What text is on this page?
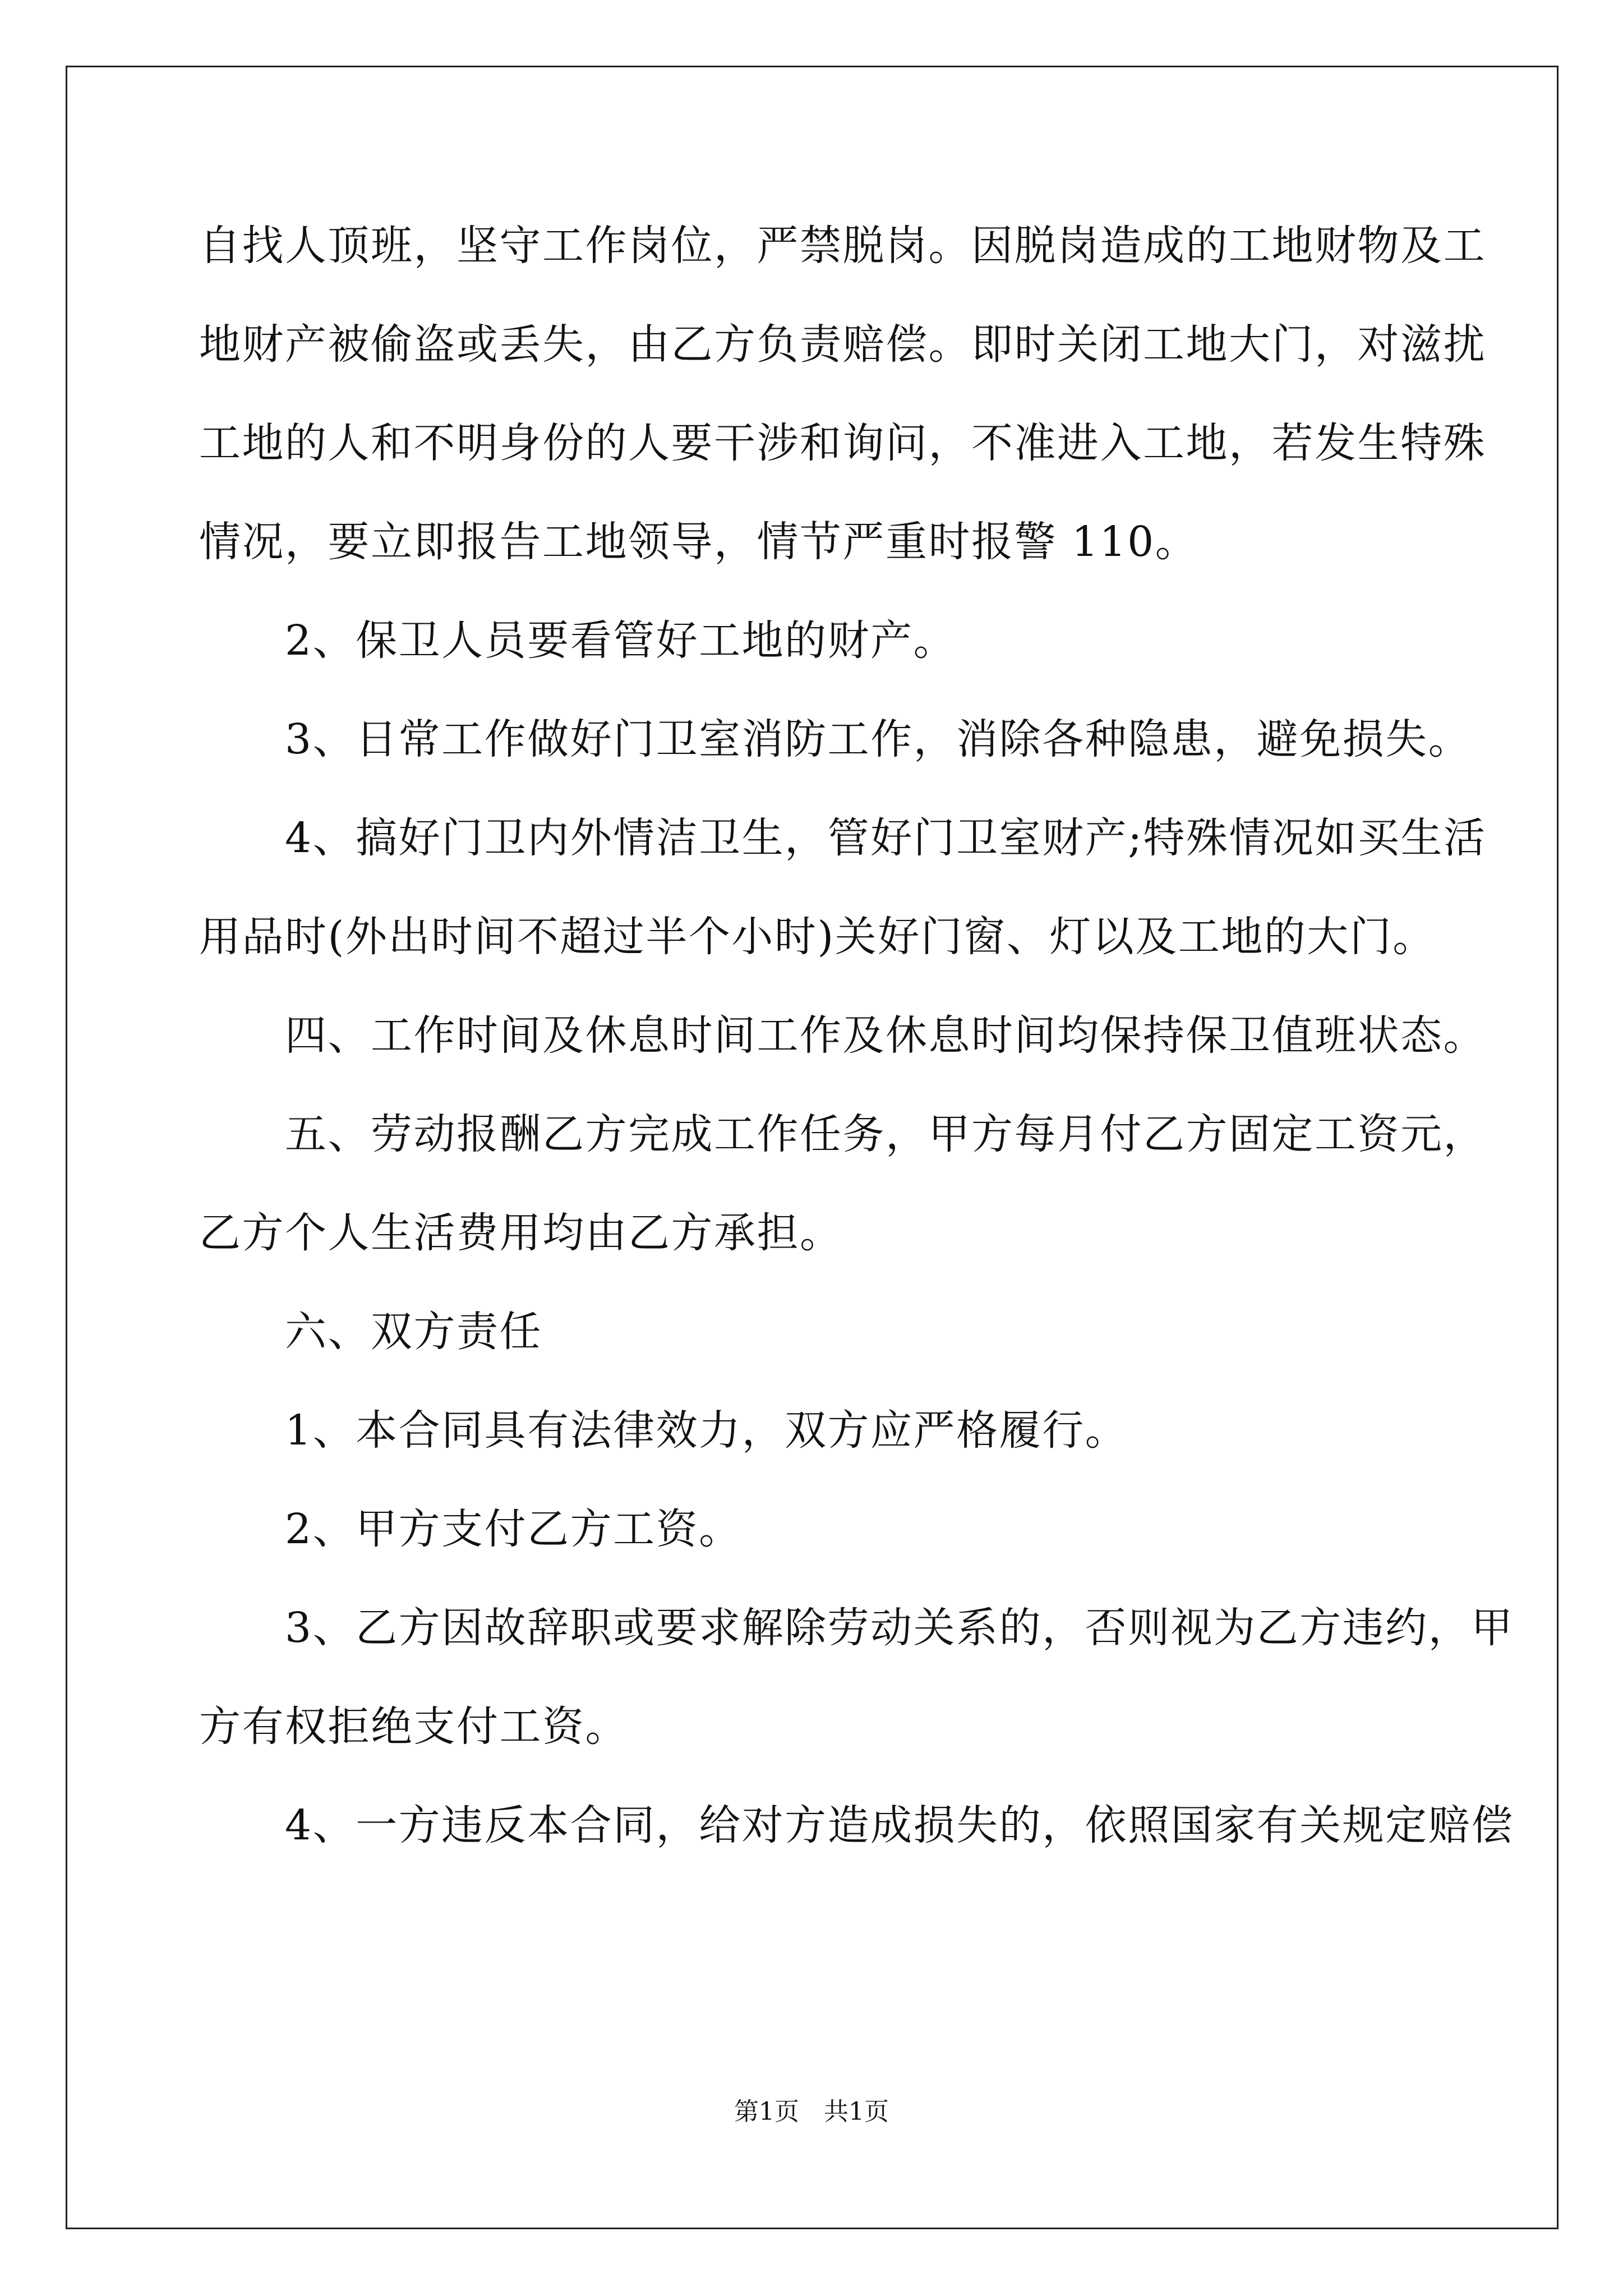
自找人顶班，坚守工作岗位，严禁脱岗。因脱岗造成的工地财物及工
地财产被偷盗或丢失，由乙方负责赔偿。即时关闭工地大门，对滋扰
工地的人和不明身份的人要干涉和询问，不准进入工地，若发生特殊
情况，要立即报告工地领导，情节严重时报警 110。
　　2、保卫人员要看管好工地的财产。
　　3、日常工作做好门卫室消防工作，消除各种隐患，避免损失。
　　4、搞好门卫内外情洁卫生，管好门卫室财产;特殊情况如买生活
用品时(外出时间不超过半个小时)关好门窗、灯以及工地的大门。
　　四、工作时间及休息时间工作及休息时间均保持保卫值班状态。
　　五、劳动报酬乙方完成工作任务，甲方每月付乙方固定工资元，
乙方个人生活费用均由乙方承担。
　　六、双方责任
　　1、本合同具有法律效力，双方应严格履行。
　　2、甲方支付乙方工资。
　　3、乙方因故辞职或要求解除劳动关系的，否则视为乙方违约，甲
方有权拒绝支付工资。
　　4、一方违反本合同，给对方造成损失的，依照国家有关规定赔偿
第1页 共1页
